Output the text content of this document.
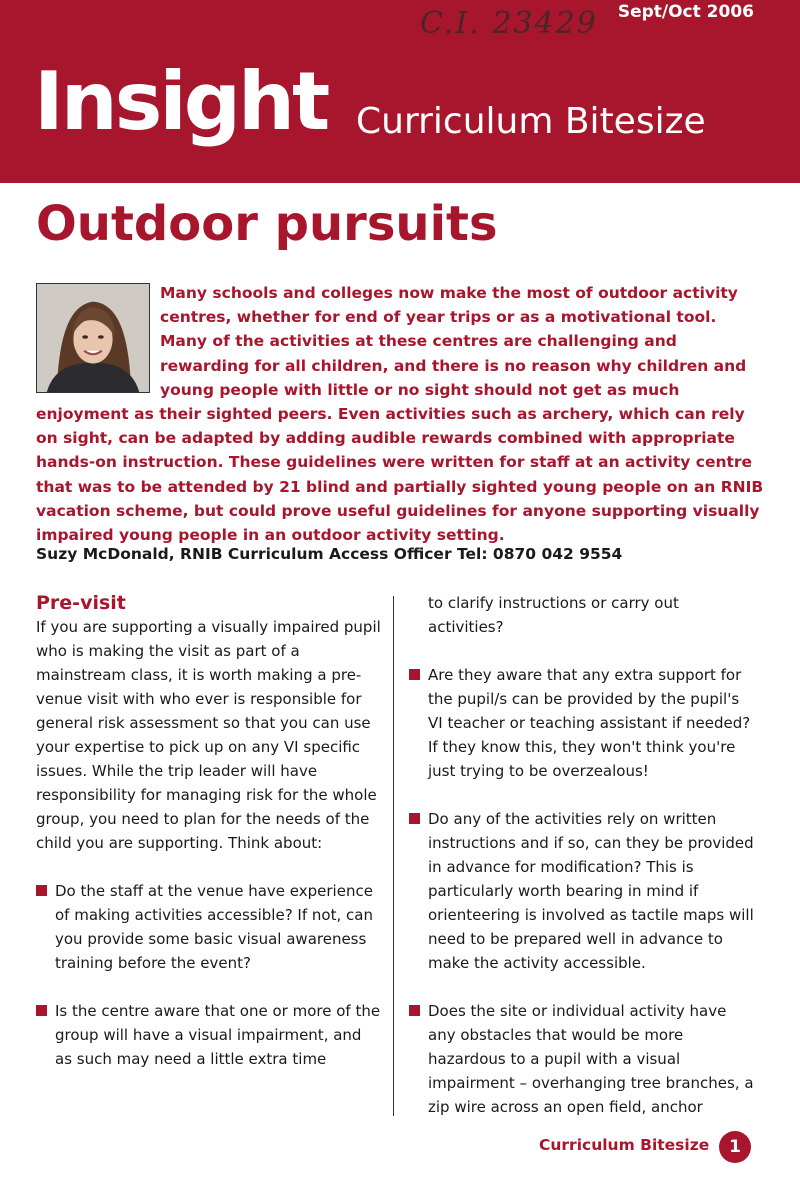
C.I. 23429 Sept/Oct 2006
Insight Curriculum Bitesize
Outdoor pursuits

Many schools and colleges now make the most of outdoor activity centres, whether for end of year trips or as a motivational tool. Many of the activities at these centres are challenging and rewarding for all children, and there is no reason why children and young people with little or no sight should not get as much enjoyment as their sighted peers. Even activities such as archery, which can rely on sight, can be adapted by adding audible rewards combined with appropriate hands-on instruction. These guidelines were written for staff at an activity centre that was to be attended by 21 blind and partially sighted young people on an RNIB vacation scheme, but could prove useful guidelines for anyone supporting visually impaired young people in an outdoor activity setting.

Suzy McDonald, RNIB Curriculum Access Officer Tel: 0870 042 9554

Pre-visit

If you are supporting a visually impaired pupil who is making the visit as part of a mainstream class, it is worth making a pre-venue visit with who ever is responsible for general risk assessment so that you can use your expertise to pick up on any VI specific issues. While the trip leader will have responsibility for managing risk for the whole group, you need to plan for the needs of the child you are supporting. Think about:

Do the staff at the venue have experience of making activities accessible? If not, can you provide some basic visual awareness training before the event?
Is the centre aware that one or more of the group will have a visual impairment, and as such may need a little extra time

to clarify instructions or carry out activities?

Are they aware that any extra support for the pupil/s can be provided by the pupil's VI teacher or teaching assistant if needed? If they know this, they won't think you're just trying to be overzealous!
Do any of the activities rely on written instructions and if so, can they be provided in advance for modification? This is particularly worth bearing in mind if orienteering is involved as tactile maps will need to be prepared well in advance to make the activity accessible.
Does the site or individual activity have any obstacles that would be more hazardous to a pupil with a visual impairment – overhanging tree branches, a zip wire across an open field, anchor
Curriculum Bitesize	1
